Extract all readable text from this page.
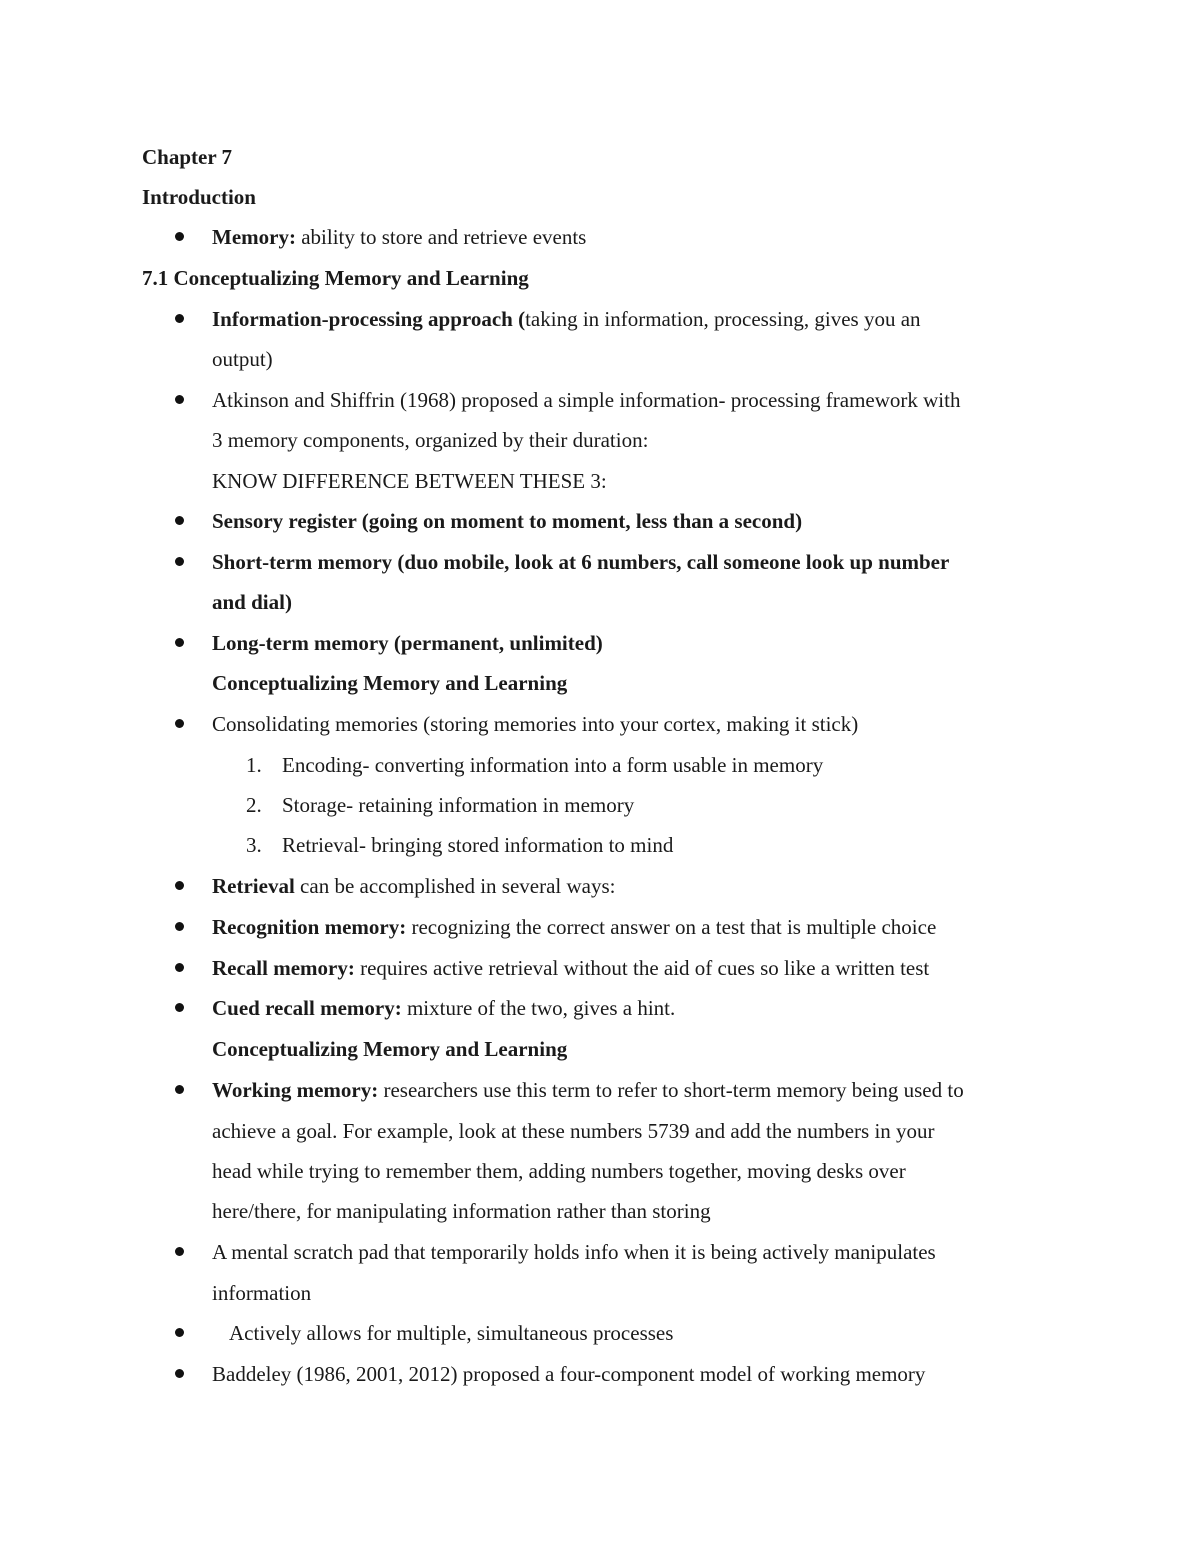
Chapter 7
Introduction
Memory: ability to store and retrieve events
7.1 Conceptualizing Memory and Learning
Information-processing approach (taking in information, processing, gives you an
output)
Atkinson and Shiffrin (1968) proposed a simple information- processing framework with
3 memory components, organized by their duration:
KNOW DIFFERENCE BETWEEN THESE 3:
Sensory register (going on moment to moment, less than a second)
Short-term memory (duo mobile, look at 6 numbers, call someone look up number
and dial)
Long-term memory (permanent, unlimited)
Conceptualizing Memory and Learning
Consolidating memories (storing memories into your cortex, making it stick)
1. Encoding- converting information into a form usable in memory
2. Storage- retaining information in memory
3. Retrieval- bringing stored information to mind
Retrieval can be accomplished in several ways:
Recognition memory: recognizing the correct answer on a test that is multiple choice
Recall memory: requires active retrieval without the aid of cues so like a written test
Cued recall memory: mixture of the two, gives a hint.
Conceptualizing Memory and Learning
Working memory: researchers use this term to refer to short-term memory being used to
achieve a goal. For example, look at these numbers 5739 and add the numbers in your
head while trying to remember them, adding numbers together, moving desks over
here/there, for manipulating information rather than storing
A mental scratch pad that temporarily holds info when it is being actively manipulates
information
Actively allows for multiple, simultaneous processes
Baddeley (1986, 2001, 2012) proposed a four-component model of working memory
